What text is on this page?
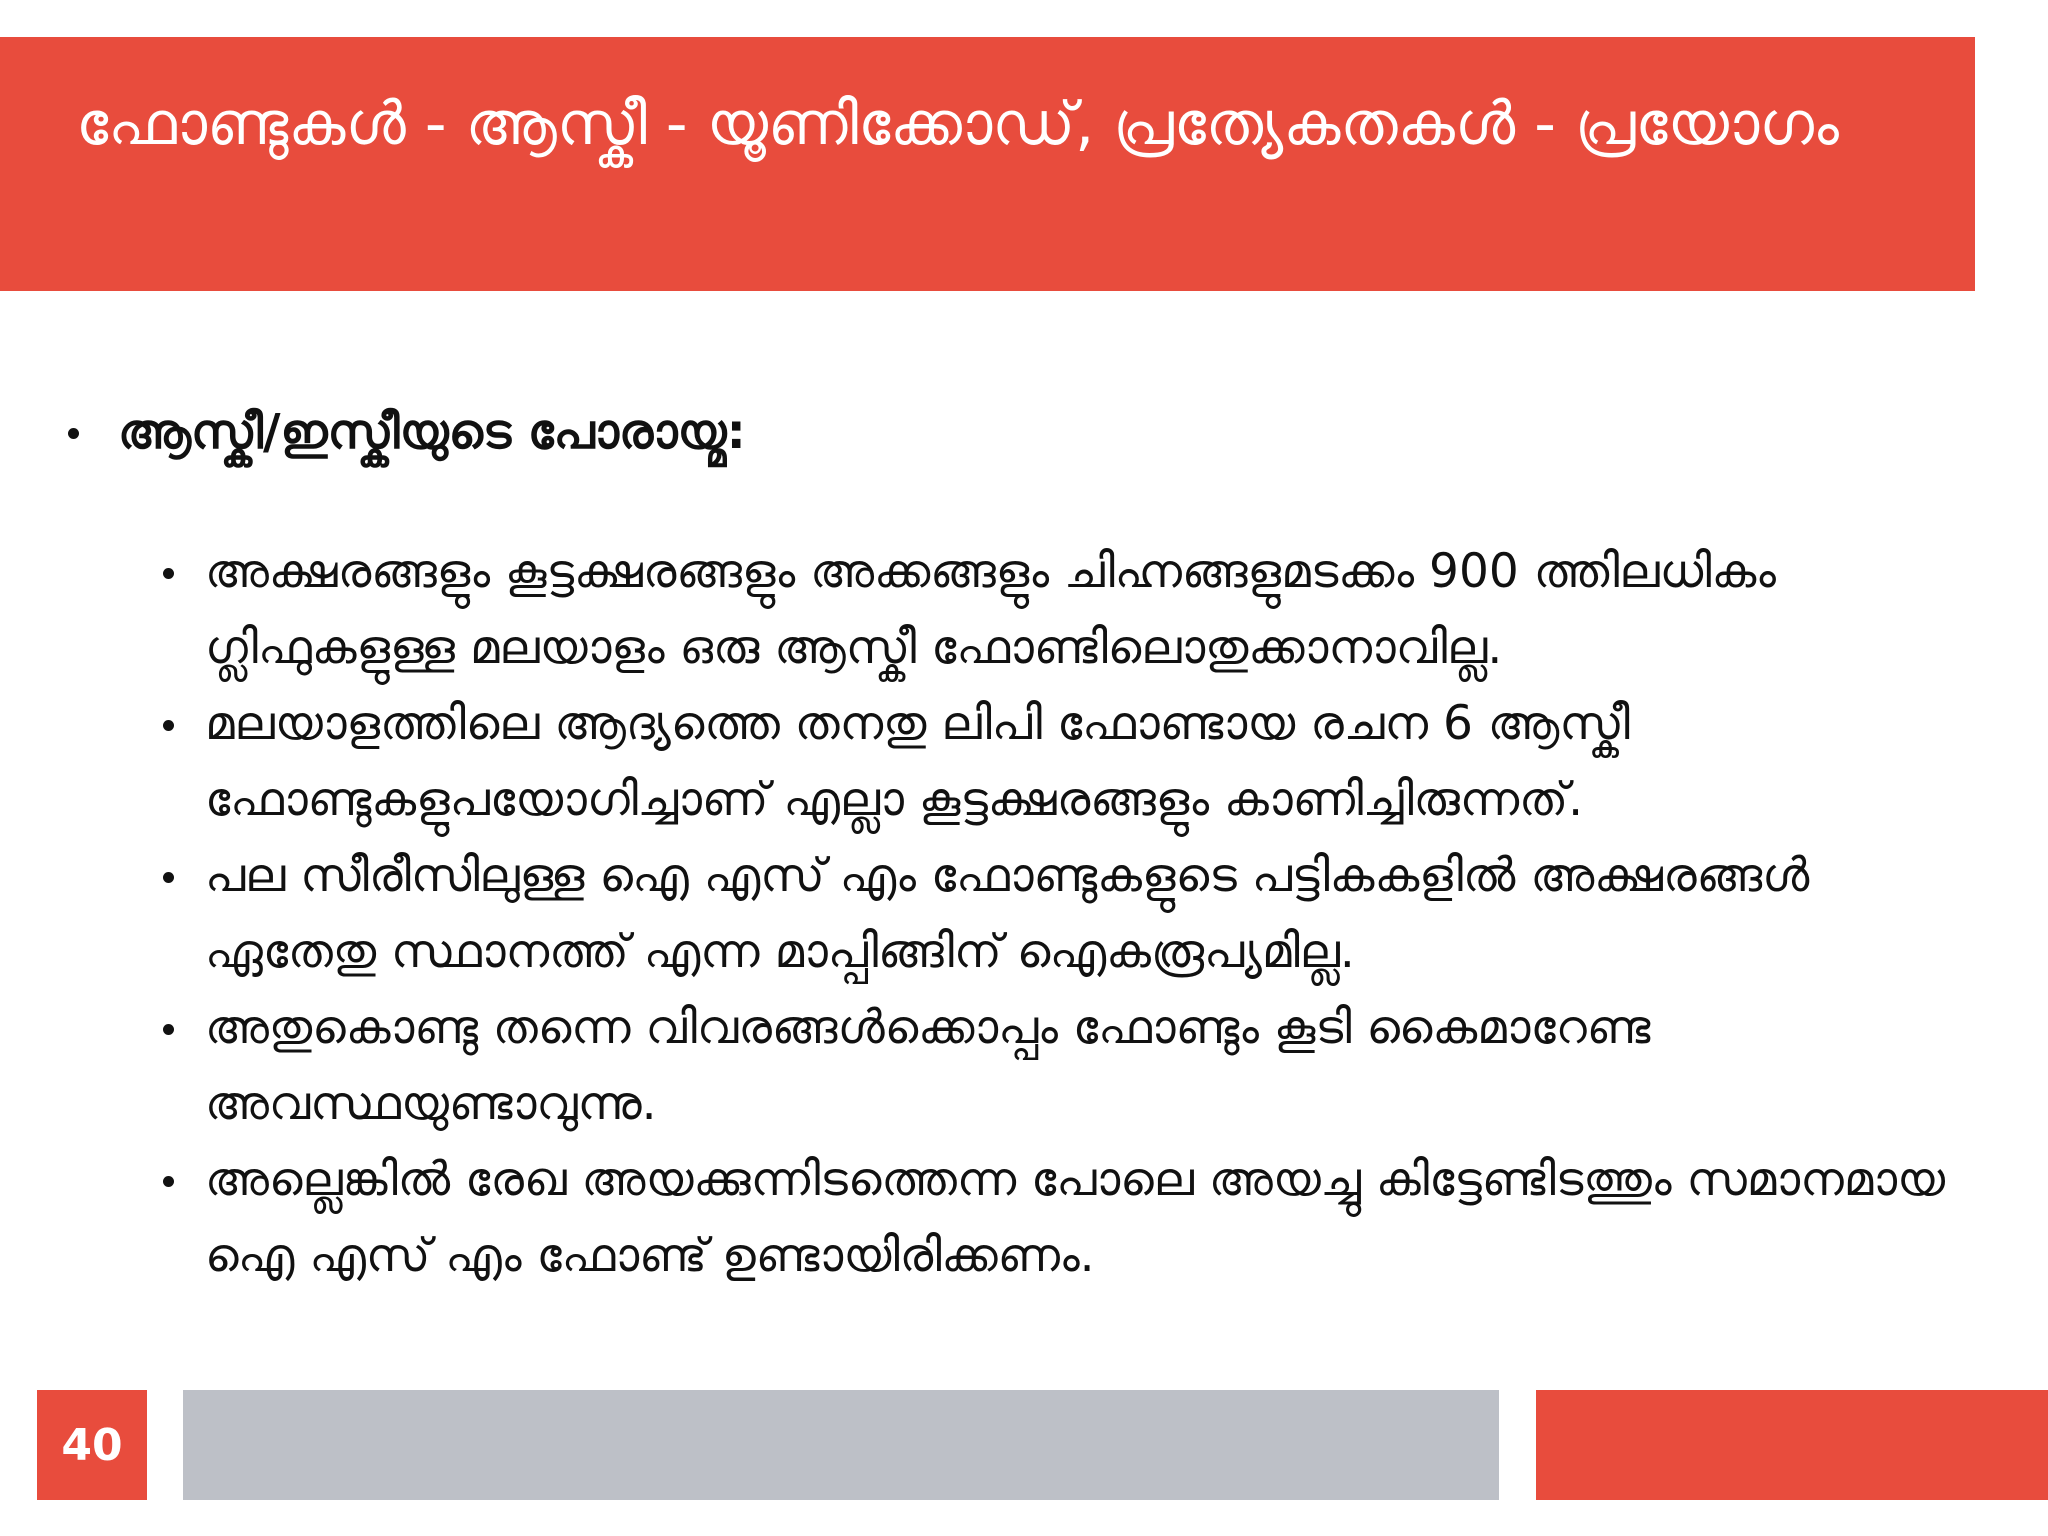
ഫോണ്ടുകൾ - ആസ്കീ - യൂണിക്കോഡ്, പ്രത്യേകതകൾ - പ്രയോഗം
ആസ്കീ/ഇസ്കീയുടെ പോരായ്മ:
അക്ഷരങ്ങളും കൂട്ടക്ഷരങ്ങളും അക്കങ്ങളും ചിഹ്നങ്ങളുമടക്കം 900 ത്തിലധികം ഗ്ലിഫുകളുള്ള മലയാളം ഒരു ആസ്കീ ഫോണ്ടിലൊതുക്കാനാവില്ല.
മലയാളത്തിലെ ആദ്യത്തെ തനതു ലിപി ഫോണ്ടായ രചന 6 ആസ്കീ ഫോണ്ടുകളുപയോഗിച്ചാണ് എല്ലാ കൂട്ടക്ഷരങ്ങളും കാണിച്ചിരുന്നത്.
പല സീരീസിലുള്ള ഐ എസ് എം ഫോണ്ടുകളുടെ പട്ടികകളിൽ അക്ഷരങ്ങൾ ഏതേതു സ്ഥാനത്ത് എന്ന മാപ്പിങ്ങിന് ഐകരൂപ്യമില്ല.
അതുകൊണ്ടു തന്നെ വിവരങ്ങൾക്കൊപ്പം ഫോണ്ടും കൂടി കൈമാറേണ്ട അവസ്ഥയുണ്ടാവുന്നു.
അല്ലെങ്കിൽ രേഖ അയക്കുന്നിടത്തെന്ന പോലെ അയച്ചു കിട്ടേണ്ടിടത്തും സമാനമായ ഐ എസ് എം ഫോണ്ട് ഉണ്ടായിരിക്കണം.
40
